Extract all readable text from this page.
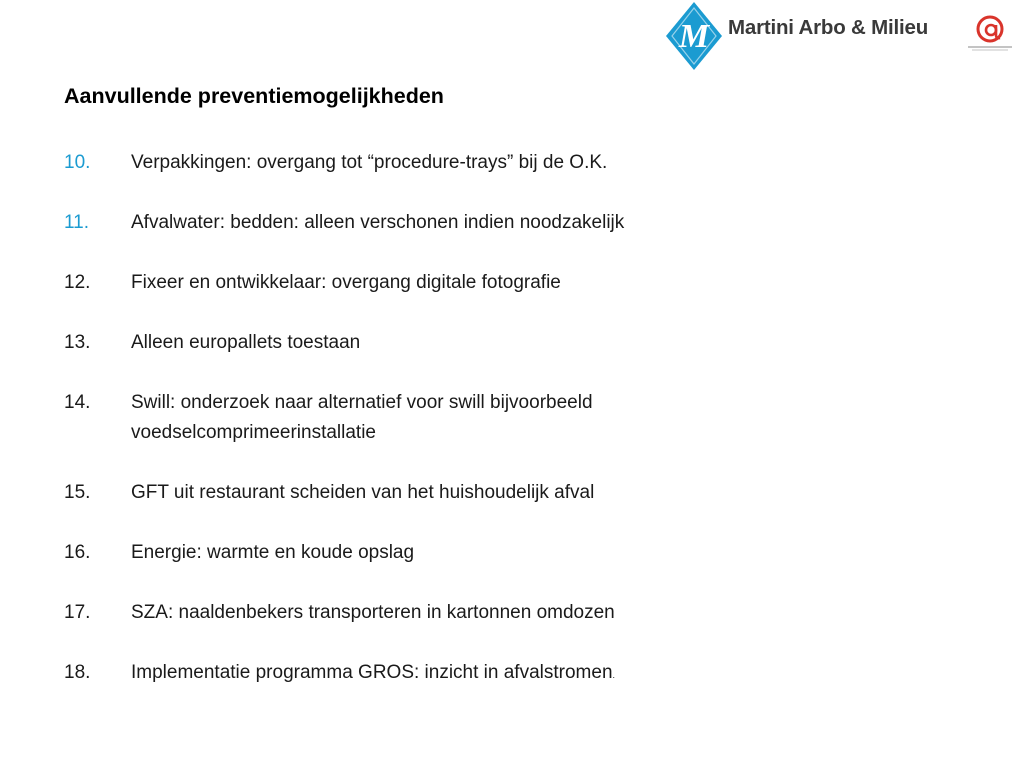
M Martini Arbo & Milieu
Aanvullende preventiemogelijkheden
10.	Verpakkingen: overgang tot “procedure-trays” bij de O.K.
11.	Afvalwater: bedden: alleen verschonen indien noodzakelijk
12.	Fixeer en ontwikkelaar: overgang digitale fotografie
13.	Alleen europallets toestaan
14.	Swill: onderzoek naar alternatief voor swill bijvoorbeeld
voedselcomprimeerinstallatie
15.	GFT uit restaurant scheiden van het huishoudelijk afval
16.	Energie: warmte en koude opslag
17.	SZA: naaldenbekers transporteren in kartonnen omdozen
18.	Implementatie programma GROS: inzicht in afvalstromen.
